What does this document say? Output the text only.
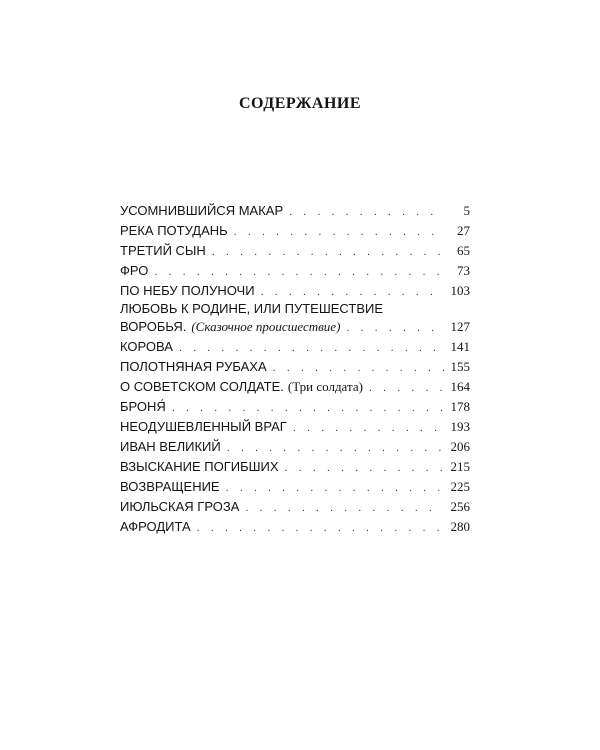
СОДЕРЖАНИЕ
УСОМНИВШИЙСЯ МАКАР . . .	5
РЕКА ПОТУДАНЬ . . .	27
ТРЕТИЙ СЫН . . .	65
ФРО . . .	73
ПО НЕБУ ПОЛУНОЧИ . . .	103
ЛЮБОВЬ К РОДИНЕ, ИЛИ ПУТЕШЕСТВИЕ
ВОРОБЬЯ. (Сказочное происшествие) . . .	127
КОРОВА . . .	141
ПОЛОТНЯНАЯ РУБАХА . . .	155
О СОВЕТСКОМ СОЛДАТЕ. (Три солдата) . . .	164
БРОНЯ́ . . .	178
НЕОДУШЕВЛЕННЫЙ ВРАГ . . .	193
ИВАН ВЕЛИКИЙ . . .	206
ВЗЫСКАНИЕ ПОГИБШИХ . . .	215
ВОЗВРАЩЕНИЕ . . .	225
ИЮЛЬСКАЯ ГРОЗА . . .	256
АФРОДИТА . . .	280
